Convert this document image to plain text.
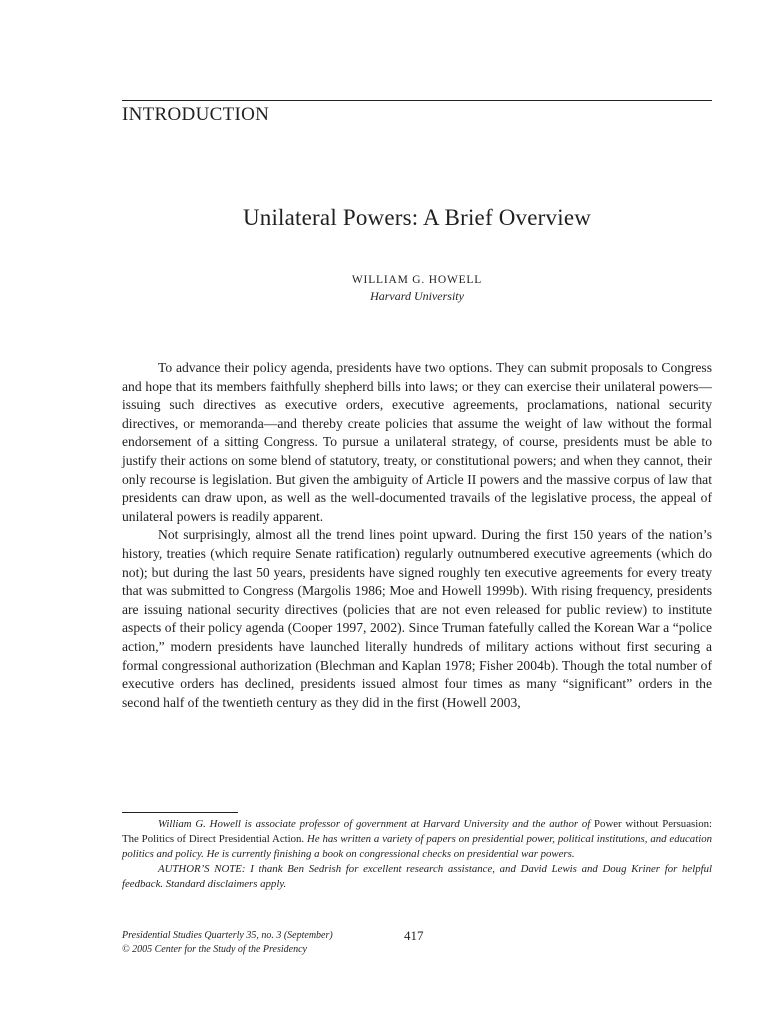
INTRODUCTION
Unilateral Powers: A Brief Overview
WILLIAM G. HOWELL
Harvard University

To advance their policy agenda, presidents have two options. They can submit proposals to Congress and hope that its members faithfully shepherd bills into laws; or they can exercise their unilateral powers—issuing such directives as executive orders, executive agreements, proclamations, national security directives, or memoranda—and thereby create policies that assume the weight of law without the formal endorsement of a sitting Congress. To pursue a unilateral strategy, of course, presidents must be able to justify their actions on some blend of statutory, treaty, or constitutional powers; and when they cannot, their only recourse is legislation. But given the ambiguity of Article II powers and the massive corpus of law that presidents can draw upon, as well as the well-documented travails of the legislative process, the appeal of unilateral powers is readily apparent.

Not surprisingly, almost all the trend lines point upward. During the first 150 years of the nation’s history, treaties (which require Senate ratification) regularly outnumbered executive agreements (which do not); but during the last 50 years, presidents have signed roughly ten executive agreements for every treaty that was submitted to Congress (Margolis 1986; Moe and Howell 1999b). With rising frequency, presidents are issuing national security directives (policies that are not even released for public review) to institute aspects of their policy agenda (Cooper 1997, 2002). Since Truman fatefully called the Korean War a “police action,” modern presidents have launched literally hundreds of military actions without first securing a formal congressional authorization (Blechman and Kaplan 1978; Fisher 2004b). Though the total number of executive orders has declined, presidents issued almost four times as many “significant” orders in the second half of the twentieth century as they did in the first (Howell 2003,

William G. Howell is associate professor of government at Harvard University and the author of Power without Persuasion: The Politics of Direct Presidential Action. He has written a variety of papers on presidential power, political institutions, and education politics and policy. He is currently finishing a book on congressional checks on presidential war powers.

AUTHOR’S NOTE: I thank Ben Sedrish for excellent research assistance, and David Lewis and Doug Kriner for helpful feedback. Standard disclaimers apply.

Presidential Studies Quarterly 35, no. 3 (September)
© 2005 Center for the Study of the Presidency
417
